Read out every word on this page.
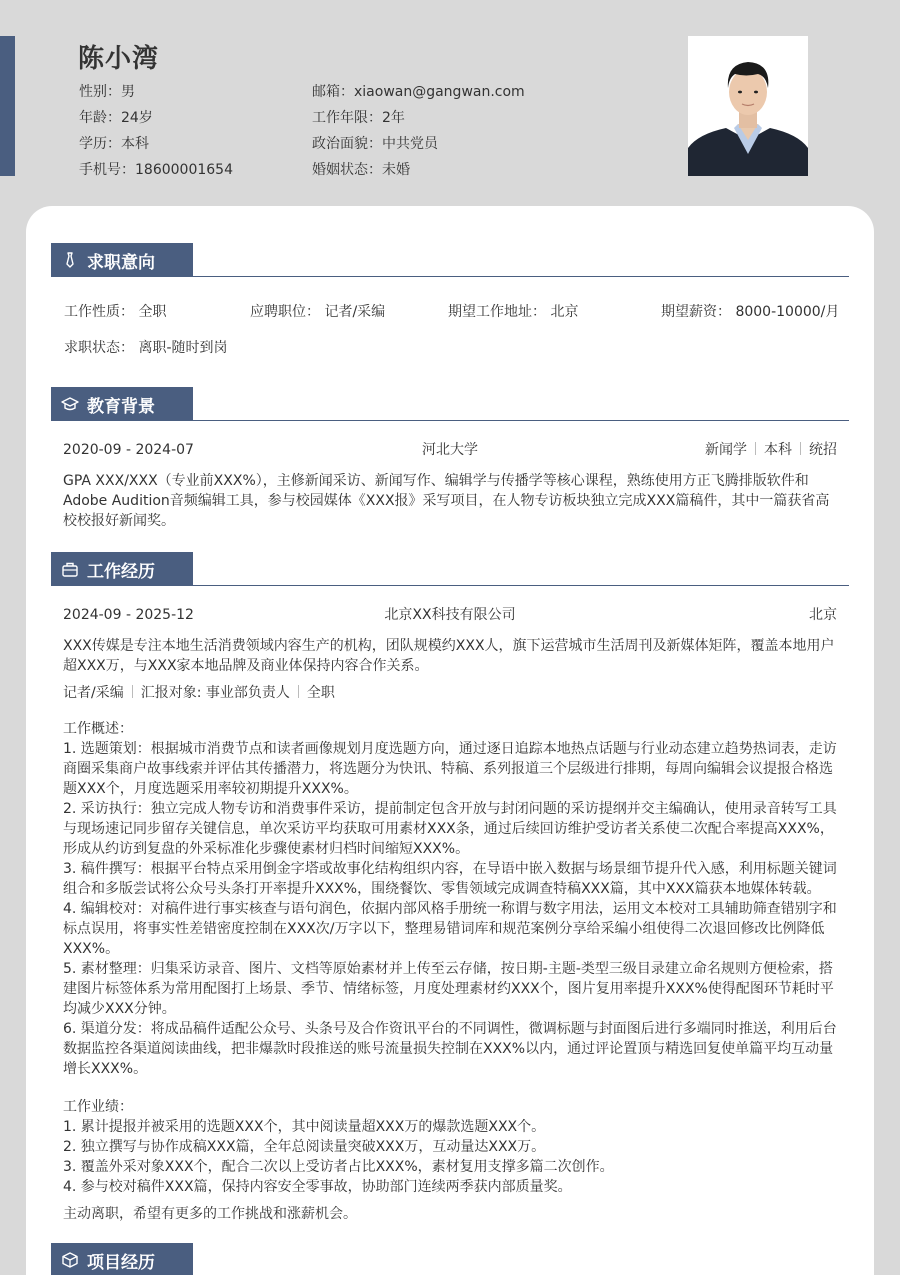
陈小湾
性别：男	邮箱：xiaowan@gangwan.com
年龄：24岁	工作年限：2年
学历：本科	政治面貌：中共党员
手机号：18600001654	婚姻状态：未婚
求职意向
工作性质： 全职	应聘职位： 记者/采编	期望工作地址： 北京	期望薪资： 8000-10000/月
求职状态： 离职-随时到岗
教育背景
2020-09 - 2024-07	河北大学	新闻学 本科 统招
GPA XXX/XXX（专业前XXX%），主修新闻采访、新闻写作、编辑学与传播学等核心课程，熟练使用方正飞腾排版软件和Adobe Audition音频编辑工具，参与校园媒体《XXX报》采写项目，在人物专访板块独立完成XXX篇稿件，其中一篇获省高校校报好新闻奖。
工作经历
2024-09 - 2025-12	北京XX科技有限公司	北京
XXX传媒是专注本地生活消费领域内容生产的机构，团队规模约XXX人，旗下运营城市生活周刊及新媒体矩阵，覆盖本地用户超XXX万，与XXX家本地品牌及商业体保持内容合作关系。
记者/采编 汇报对象: 事业部负责人 全职
工作概述：
1. 选题策划：根据城市消费节点和读者画像规划月度选题方向，通过逐日追踪本地热点话题与行业动态建立趋势热词表，走访商圈采集商户故事线索并评估其传播潜力，将选题分为快讯、特稿、系列报道三个层级进行排期，每周向编辑会议提报合格选题XXX个，月度选题采用率较初期提升XXX%。
2. 采访执行：独立完成人物专访和消费事件采访，提前制定包含开放与封闭问题的采访提纲并交主编确认，使用录音转写工具与现场速记同步留存关键信息，单次采访平均获取可用素材XXX条，通过后续回访维护受访者关系使二次配合率提高XXX%，形成从约访到复盘的外采标准化步骤使素材归档时间缩短XXX%。
3. 稿件撰写：根据平台特点采用倒金字塔或故事化结构组织内容，在导语中嵌入数据与场景细节提升代入感，利用标题关键词组合和多版尝试将公众号头条打开率提升XXX%，围绕餐饮、零售领域完成调查特稿XXX篇，其中XXX篇获本地媒体转载。
4. 编辑校对：对稿件进行事实核查与语句润色，依据内部风格手册统一称谓与数字用法，运用文本校对工具辅助筛查错别字和标点误用，将事实性差错密度控制在XXX次/万字以下，整理易错词库和规范案例分享给采编小组使得二次退回修改比例降低XXX%。
5. 素材整理：归集采访录音、图片、文档等原始素材并上传至云存储，按日期-主题-类型三级目录建立命名规则方便检索，搭建图片标签体系为常用配图打上场景、季节、情绪标签，月度处理素材约XXX个，图片复用率提升XXX%使得配图环节耗时平均减少XXX分钟。
6. 渠道分发：将成品稿件适配公众号、头条号及合作资讯平台的不同调性，微调标题与封面图后进行多端同时推送，利用后台数据监控各渠道阅读曲线，把非爆款时段推送的账号流量损失控制在XXX%以内，通过评论置顶与精选回复使单篇平均互动量增长XXX%。
工作业绩：
1. 累计提报并被采用的选题XXX个，其中阅读量超XXX万的爆款选题XXX个。
2. 独立撰写与协作成稿XXX篇，全年总阅读量突破XXX万，互动量达XXX万。
3. 覆盖外采对象XXX个，配合二次以上受访者占比XXX%，素材复用支撑多篇二次创作。
4. 参与校对稿件XXX篇，保持内容安全零事故，协助部门连续两季获内部质量奖。
主动离职，希望有更多的工作挑战和涨薪机会。
项目经历
